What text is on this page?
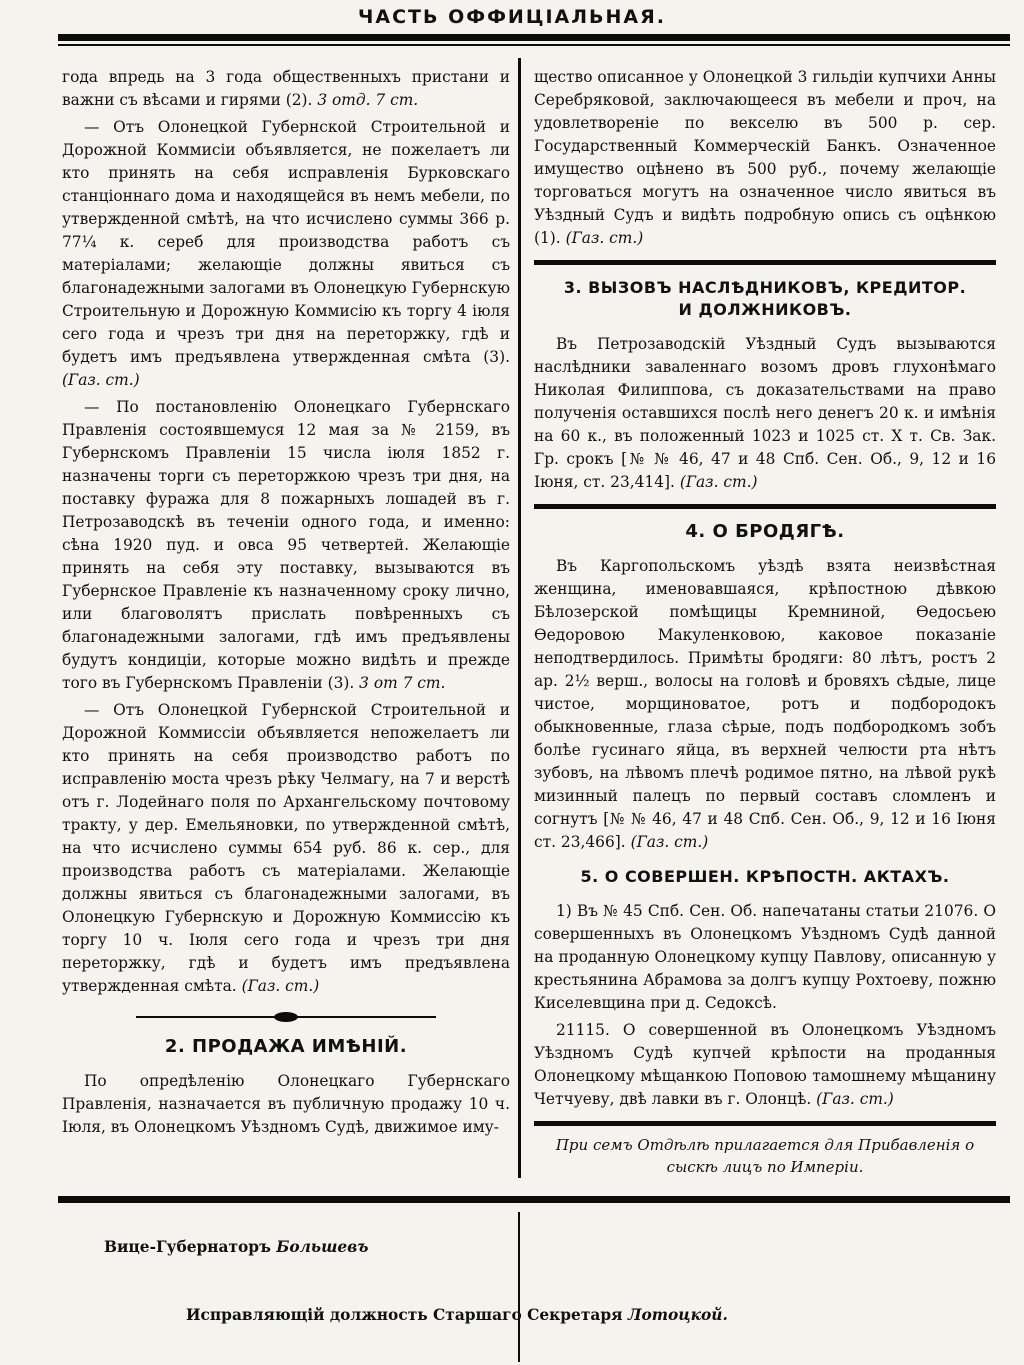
ЧАСТЬ ОФФИЦІАЛЬНАЯ.

года впредь на 3 года общественныхъ пристани и важни съ вѣсами и гирями (2). 3 отд. 7 ст.

— Отъ Олонецкой Губернской Строительной и Дорожной Коммисіи объявляется, не пожелаетъ ли кто принять на себя исправленія Бурковскаго станціоннаго дома и находящейся въ немъ мебели, по утвержденной смѣтѣ, на что исчислено суммы 366 р. 77¼ к. сереб для производства работъ съ матеріалами; желающіе должны явиться съ благонадежными залогами въ Олонецкую Губернскую Строительную и Дорожную Коммисію къ торгу 4 іюля сего года и чрезъ три дня на переторжку, гдѣ и будетъ имъ предъявлена утвержденная смѣта (3). (Газ. ст.)

— По постановленію Олонецкаго Губернскаго Правленія состоявшемуся 12 мая за № 2159, въ Губернскомъ Правленіи 15 числа іюля 1852 г. назначены торги съ переторжкою чрезъ три дня, на поставку фуража для 8 пожарныхъ лошадей въ г. Петрозаводскѣ въ теченіи одного года, и именно: сѣна 1920 пуд. и овса 95 четвертей. Желающіе принять на себя эту поставку, вызываются въ Губернское Правленіе къ назначенному сроку лично, или благоволятъ прислать повѣренныхъ съ благонадежными залогами, гдѣ имъ предъявлены будутъ кондиціи, которые можно видѣть и прежде того въ Губернскомъ Правленіи (3). 3 от 7 ст.

— Отъ Олонецкой Губернской Строительной и Дорожной Коммиссіи объявляется непожелаетъ ли кто принять на себя производство работъ по исправленію моста чрезъ рѣку Челмагу, на 7 и верстѣ отъ г. Лодейнаго поля по Архангельскому почтовому тракту, у дер. Емельяновки, по утвержденной смѣтѣ, на что исчислено суммы 654 руб. 86 к. сер., для производства работъ съ матеріалами. Желающіе должны явиться съ благонадежными залогами, въ Олонецкую Губернскую и Дорожную Коммиссію къ торгу 10 ч. Іюля сего года и чрезъ три дня переторжку, гдѣ и будетъ имъ предъявлена утвержденная смѣта. (Газ. ст.)

2. ПРОДАЖА ИМѢНІЙ.

По опредѣленію Олонецкаго Губернскаго Правленія, назначается въ публичную продажу 10 ч. Іюля, въ Олонецкомъ Уѣздномъ Судѣ, движимое иму-

щество описанное у Олонецкой 3 гильдіи купчихи Анны Серебряковой, заключающееся въ мебели и проч, на удовлетвореніе по векселю въ 500 р. сер. Государственный Коммерческій Банкъ. Означенное имущество оцѣнено въ 500 руб., почему желающіе торговаться могутъ на означенное число явиться въ Уѣздный Судъ и видѣть подробную опись съ оцѣнкою (1). (Газ. ст.)

3. ВЫЗОВЪ НАСЛѢДНИКОВЪ, КРЕДИТОР.
И ДОЛЖНИКОВЪ.

Въ Петрозаводскій Уѣздный Судъ вызываются наслѣдники заваленнаго возомъ дровъ глухонѣмаго Николая Филиппова, съ доказательствами на право полученія оставшихся послѣ него денегъ 20 к. и имѣнія на 60 к., въ положенный 1023 и 1025 ст. X т. Св. Зак. Гр. срокъ [№ № 46, 47 и 48 Спб. Сен. Об., 9, 12 и 16 Іюня, ст. 23,414]. (Газ. ст.)

4. О БРОДЯГѢ.

Въ Каргопольскомъ уѣздѣ взята неизвѣстная женщина, именовавшаяся, крѣпостною дѣвкою Бѣлозерской помѣщицы Кремниной, Ѳедосьею Ѳедоровою Макуленковою, каковое показаніе неподтвердилось. Примѣты бродяги: 80 лѣтъ, ростъ 2 ар. 2½ верш., волосы на головѣ и бровяхъ сѣдые, лице чистое, морщиноватое, ротъ и подбородокъ обыкновенные, глаза сѣрые, подъ подбородкомъ зобъ болѣе гусинаго яйца, въ верхней челюсти рта нѣтъ зубовъ, на лѣвомъ плечѣ родимое пятно, на лѣвой рукѣ мизинный палецъ по первый составъ сломленъ и согнутъ [№ № 46, 47 и 48 Спб. Сен. Об., 9, 12 и 16 Іюня ст. 23,466]. (Газ. ст.)

5. О СОВЕРШЕН. КРѢПОСТН. АКТАХЪ.

1) Въ № 45 Спб. Сен. Об. напечатаны статьи 21076. О совершенныхъ въ Олонецкомъ Уѣздномъ Судѣ данной на проданную Олонецкому купцу Павлову, описанную у крестьянина Абрамова за долгъ купцу Рохтоеву, пожню Киселевщина при д. Седоксѣ.

21115. О совершенной въ Олонецкомъ Уѣздномъ Уѣздномъ Судѣ купчей крѣпости на проданныя Олонецкому мѣщанкою Поповою тамошнему мѣщанину Четчуеву, двѣ лавки въ г. Олонцѣ. (Газ. ст.)

При семъ Отдѣлѣ прилагается для Прибавленія о сыскѣ лицъ по Имперіи.
Вице-Губернаторъ Большевъ
Исправляющій должность Старшаго Секретаря Лотоцкой.
